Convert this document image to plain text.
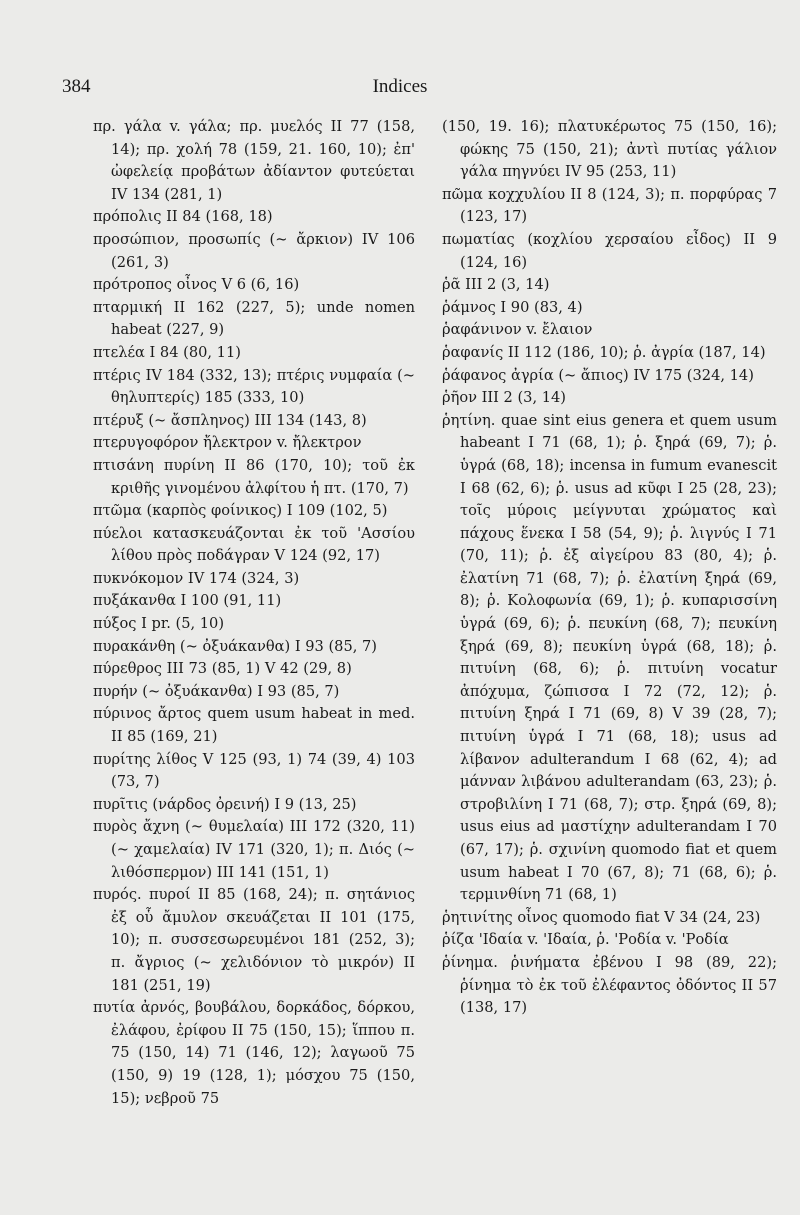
384	Indices

πρ. γάλα v. γάλα; πρ. μυελός II 77 (158, 14); πρ. χολή 78 (159, 21. 160, 10); ἐπ' ὠφελείᾳ προβάτων ἀδίαντον φυτεύεται IV 134 (281, 1)

πρόπολις II 84 (168, 18)

προσώπιον, προσωπίς (~ ἄρκιον) IV 106 (261, 3)

πρότροπος οἶνος V 6 (6, 16)

πταρμική II 162 (227, 5); unde nomen habeat (227, 9)

πτελέα I 84 (80, 11)

πτέρις IV 184 (332, 13); πτέρις νυμφαία (~ θηλυπτερίς) 185 (333, 10)

πτέρυξ (~ ἄσπληνος) III 134 (143, 8)

πτερυγοφόρον ἤλεκτρον v. ἤλεκτρον

πτισάνη πυρίνη II 86 (170, 10); τοῦ ἐκ κριθῆς γινομένου ἀλφίτου ἡ πτ. (170, 7)

πτῶμα (καρπὸς φοίνικος) I 109 (102, 5)

πύελοι κατασκευάζονται ἐκ τοῦ 'Ασσίου λίθου πρὸς ποδάγραν V 124 (92, 17)

πυκνόκομον IV 174 (324, 3)

πυξάκανθα I 100 (91, 11)

πύξος I pr. (5, 10)

πυρακάνθη (~ ὀξυάκανθα) I 93 (85, 7)

πύρεθρος III 73 (85, 1) V 42 (29, 8)

πυρήν (~ ὀξυάκανθα) I 93 (85, 7)

πύρινος ἄρτος quem usum habeat in med. II 85 (169, 21)

πυρίτης λίθος V 125 (93, 1) 74 (39, 4) 103 (73, 7)

πυρῖτις (νάρδος ὀρεινή) I 9 (13, 25)

πυρὸς ἄχνη (~ θυμελαία) III 172 (320, 11) (~ χαμελαία) IV 171 (320, 1); π. Διός (~ λιθόσπερμον) III 141 (151, 1)

πυρός. πυροί II 85 (168, 24); π. σητάνιος ἐξ οὗ ἄμυλον σκευάζεται II 101 (175, 10); π. συσσεσωρευμένοι 181 (252, 3); π. ἄγριος (~ χελιδόνιον τὸ μικρόν) II 181 (251, 19)

πυτία ἀρνός, βουβάλου, δορκάδος, δόρκου, ἐλάφου, ἐρίφου II 75 (150, 15); ἵππου π. 75 (150, 14) 71 (146, 12); λαγωοῦ 75 (150, 9) 19 (128, 1); μόσχου 75 (150, 15); νεβροῦ 75

(150, 19. 16); πλατυκέρωτος 75 (150, 16); φώκης 75 (150, 21); ἀντὶ πυτίας γάλιον γάλα πηγνύει IV 95 (253, 11)

πῶμα κοχχυλίου II 8 (124, 3); π. πορφύρας 7 (123, 17)

πωματίας (κοχλίου χερσαίου εἶδος) II 9 (124, 16)

ῥᾶ III 2 (3, 14)

ῥάμνος I 90 (83, 4)

ῥαφάνινον v. ἔλαιον

ῥαφανίς II 112 (186, 10); ῥ. ἀγρία (187, 14)

ῥάφανος ἀγρία (~ ἄπιος) IV 175 (324, 14)

ῥῆον III 2 (3, 14)

ῥητίνη. quae sint eius genera et quem usum habeant I 71 (68, 1); ῥ. ξηρά (69, 7); ῥ. ὑγρά (68, 18); incensa in fumum evanescit I 68 (62, 6); ῥ. usus ad κῦφι I 25 (28, 23); τοῖς μύροις μείγνυται χρώματος καὶ πάχους ἕνεκα I 58 (54, 9); ῥ. λιγνύς I 71 (70, 11); ῥ. ἐξ αἰγείρου 83 (80, 4); ῥ. ἐλατίνη 71 (68, 7); ῥ. ἐλατίνη ξηρά (69, 8); ῥ. Κολοφωνία (69, 1); ῥ. κυπαρισσίνη ὑγρά (69, 6); ῥ. πευκίνη (68, 7); πευκίνη ξηρά (69, 8); πευκίνη ὑγρά (68, 18); ῥ. πιτυίνη (68, 6); ῥ. πιτυίνη vocatur ἀπόχυμα, ζώπισσα I 72 (72, 12); ῥ. πιτυίνη ξηρά I 71 (69, 8) V 39 (28, 7); πιτυίνη ὑγρά I 71 (68, 18); usus ad λίβανον adulterandum I 68 (62, 4); ad μάνναν λιβάνου adulterandam (63, 23); ῥ. στροβιλίνη I 71 (68, 7); στρ. ξηρά (69, 8); usus eius ad μαστίχην adulterandam I 70 (67, 17); ῥ. σχινίνη quomodo fiat et quem usum habeat I 70 (67, 8); 71 (68, 6); ῥ. τερμινθίνη 71 (68, 1)

ῥητινίτης οἶνος quomodo fiat V 34 (24, 23)

ῥίζα 'Ιδαία v. 'Ιδαία, ῥ. 'Ροδία v. 'Ροδία

ῥίνημα. ῥινήματα ἐβένου I 98 (89, 22); ῥίνημα τὸ ἐκ τοῦ ἐλέφαντος ὀδόντος II 57 (138, 17)
